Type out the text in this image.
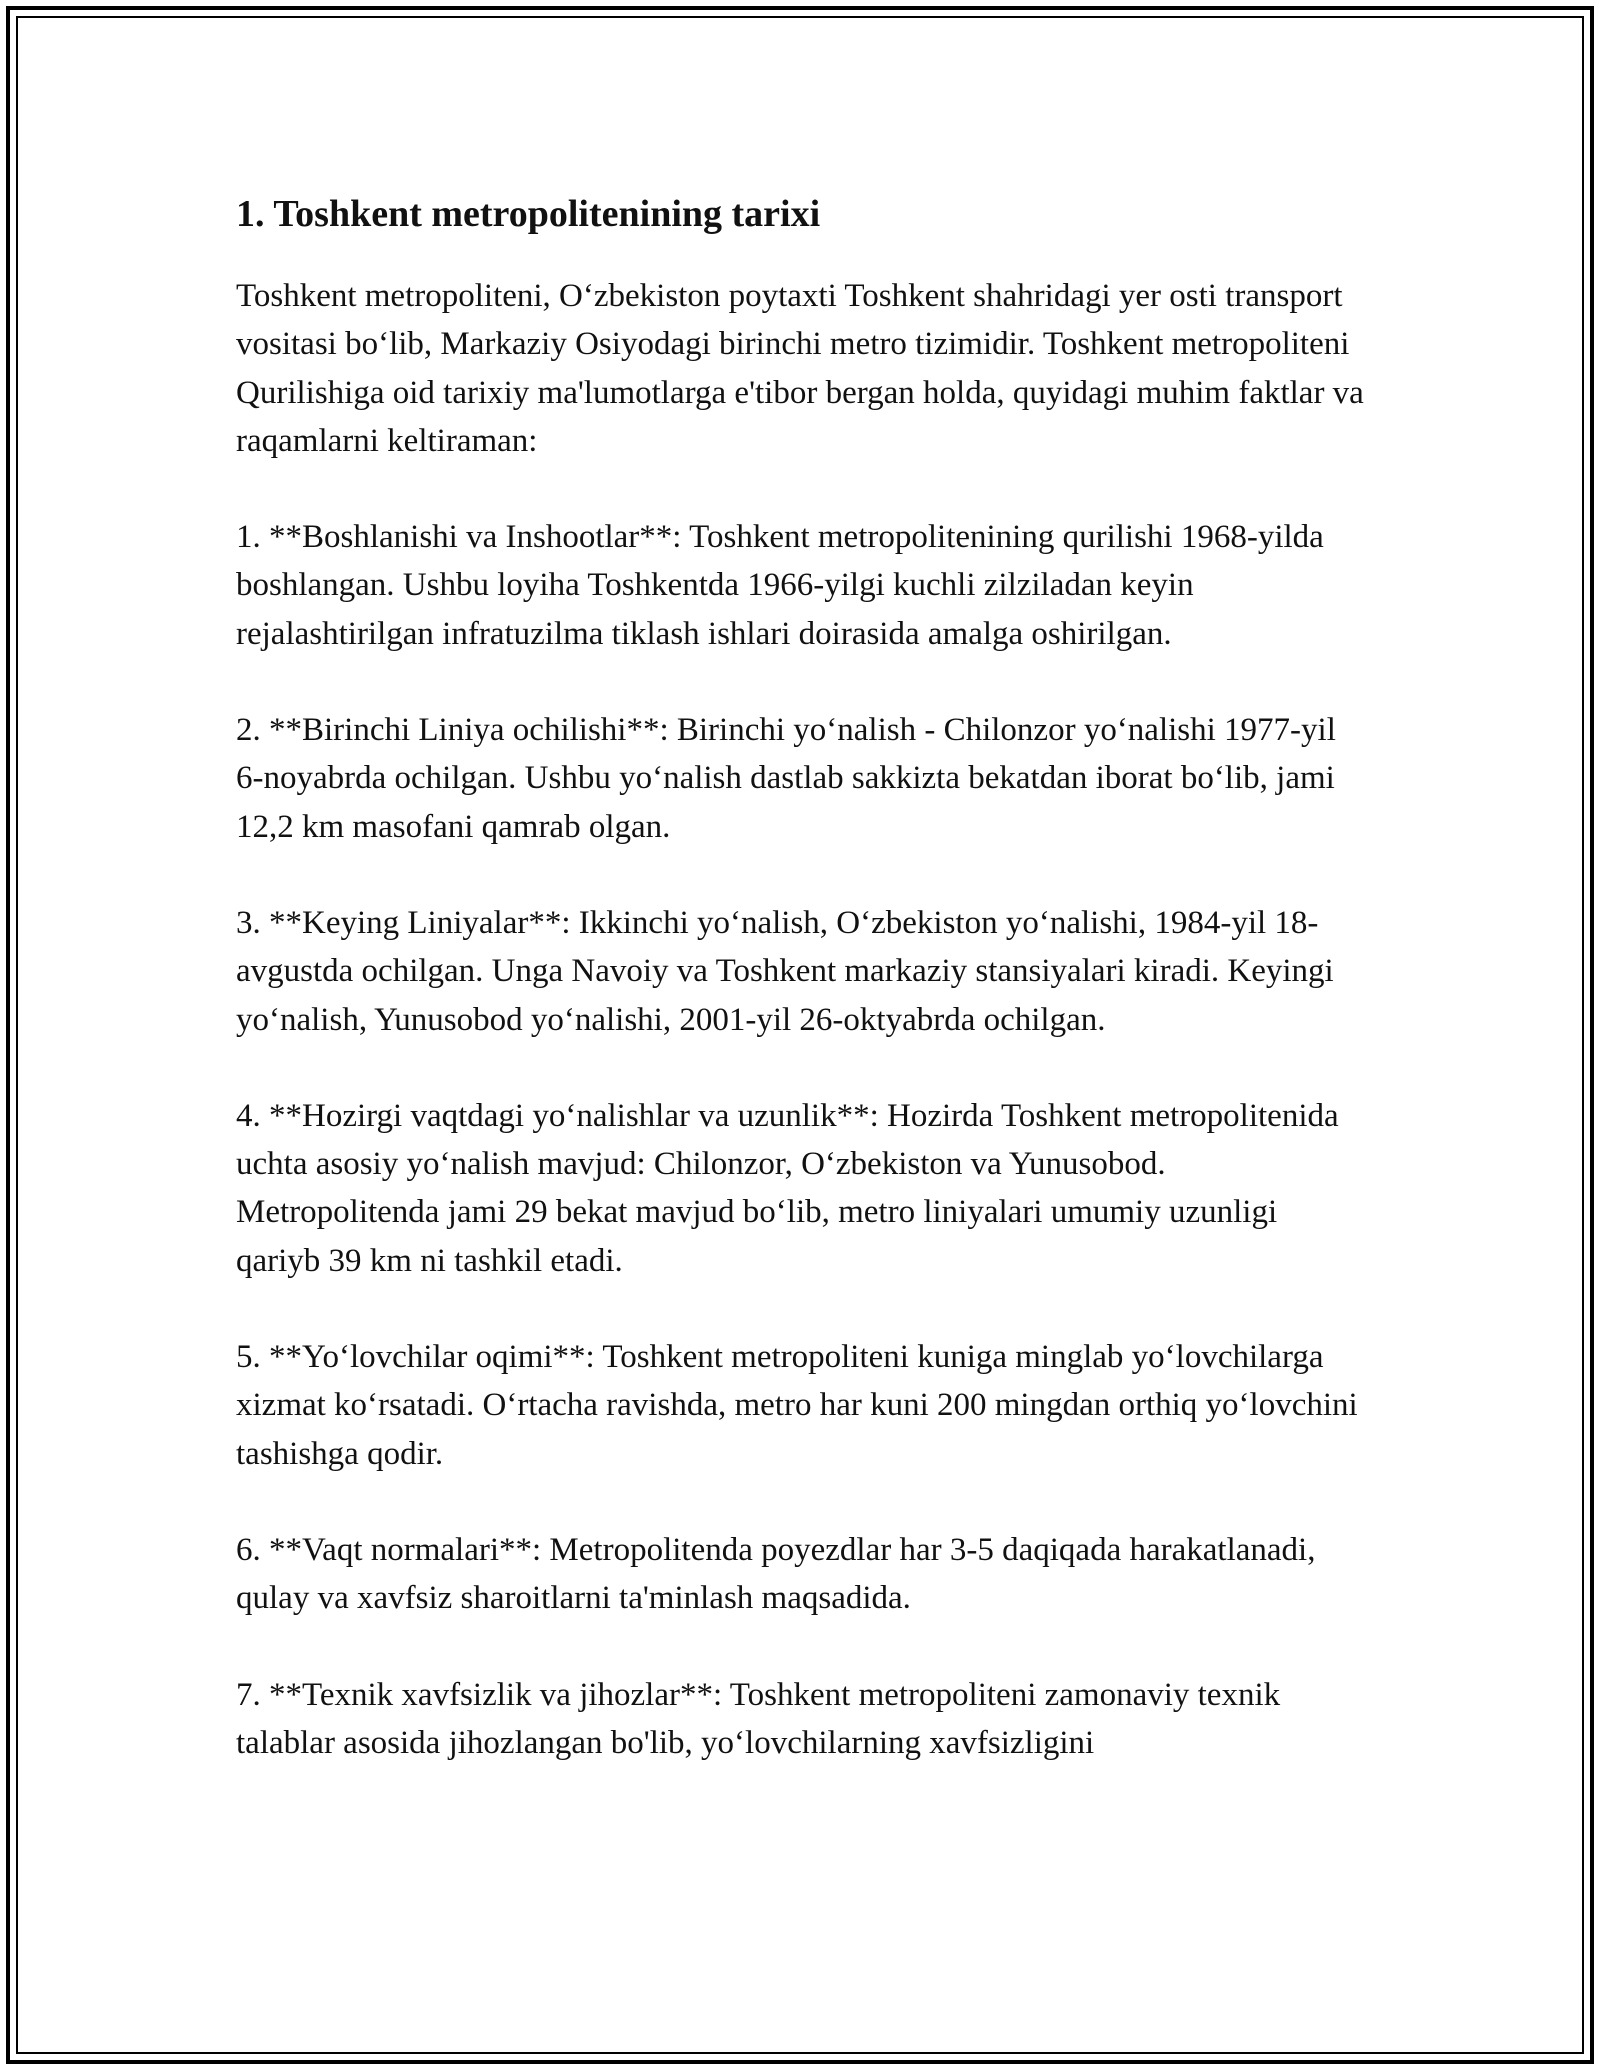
1. Toshkent metropolitenining tarixi

Toshkent metropoliteni, O‘zbekiston poytaxti Toshkent shahridagi yer osti transport vositasi bo‘lib, Markaziy Osiyodagi birinchi metro tizimidir. Toshkent metropoliteni Qurilishiga oid tarixiy ma'lumotlarga e'tibor bergan holda, quyidagi muhim faktlar va raqamlarni keltiraman:

1. **Boshlanishi va Inshootlar**: Toshkent metropolitenining qurilishi 1968-yilda boshlangan. Ushbu loyiha Toshkentda 1966-yilgi kuchli zilziladan keyin rejalashtirilgan infratuzilma tiklash ishlari doirasida amalga oshirilgan.

2. **Birinchi Liniya ochilishi**: Birinchi yo‘nalish - Chilonzor yo‘nalishi 1977-yil 6-noyabrda ochilgan. Ushbu yo‘nalish dastlab sakkizta bekatdan iborat bo‘lib, jami 12,2 km masofani qamrab olgan.

3. **Keying Liniyalar**: Ikkinchi yo‘nalish, O‘zbekiston yo‘nalishi, 1984-yil 18-avgustda ochilgan. Unga Navoiy va Toshkent markaziy stansiyalari kiradi. Keyingi yo‘nalish, Yunusobod yo‘nalishi, 2001-yil 26-oktyabrda ochilgan.

4. **Hozirgi vaqtdagi yo‘nalishlar va uzunlik**: Hozirda Toshkent metropolitenida uchta asosiy yo‘nalish mavjud: Chilonzor, O‘zbekiston va Yunusobod. Metropolitenda jami 29 bekat mavjud bo‘lib, metro liniyalari umumiy uzunligi qariyb 39 km ni tashkil etadi.

5. **Yo‘lovchilar oqimi**: Toshkent metropoliteni kuniga minglab yo‘lovchilarga xizmat ko‘rsatadi. O‘rtacha ravishda, metro har kuni 200 mingdan orthiq yo‘lovchini tashishga qodir.

6. **Vaqt normalari**: Metropolitenda poyezdlar har 3-5 daqiqada harakatlanadi, qulay va xavfsiz sharoitlarni ta'minlash maqsadida.

7. **Texnik xavfsizlik va jihozlar**: Toshkent metropoliteni zamonaviy texnik talablar asosida jihozlangan bo'lib, yo‘lovchilarning xavfsizligini
